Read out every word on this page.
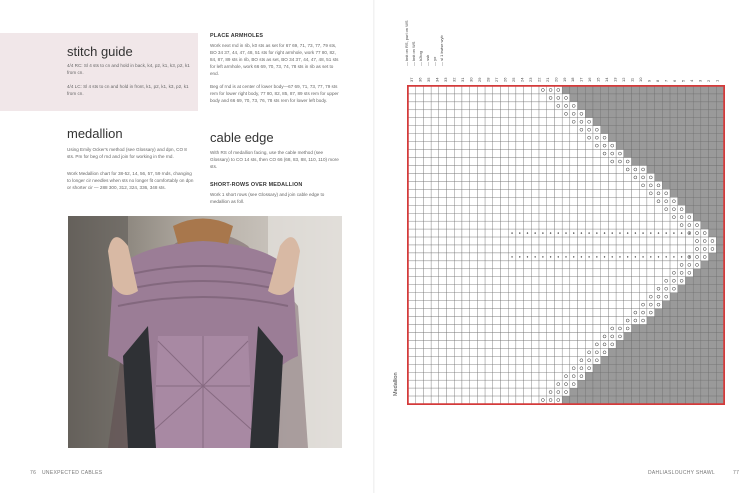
stitch guide
4/4 RC: Sl 4 sts to cn and hold in back, k4, p2, k1, k3, p2, k1 from cn.
4/4 LC: Sl 4 sts to cn and hold in front, k1, p2, k1, k3, p2, k1 from cn.
medallion
Using Emily Ocker's method (see Glossary) and dpn, CO 8 sts. Pm for beg of rnd and join for working in the rnd.
Work Medallion chart for 38-52, 14, 56, 57, 59 rnds, changing to longer cir needles when sts no longer fit comfortably on dpn or shorter cir — 288 300, 312, 324, 336, 348 sts.
PLACE ARMHOLES
Work next rnd in rib, k0 sts as set for 67 69, 71, 73, 77, 79 sts, BO 34 37, 44, 47, 48, 51 sts for right armhole, work 77 80, 82, 84, 87, 89 sts in rib, BO sts as set, BO 34 37, 44, 47, 48, 51 sts for left armhole, work 66 69, 70, 73, 74, 78 sts in rib as set to end.
Beg of rnd is at center of lower body—67 69, 71, 73, 77, 79 sts rem for lower right body, 77 80, 82, 85, 87, 89 sts rem for upper body and 66 69, 70, 73, 76, 78 sts rem for lower left body.
cable edge
With RS of medallion facing, use the cable method (see Glossary) to CO 14 sts, then CO 66 (68, 83, 88, 110, 110) more sts.
SHORT-ROWS OVER MEDALLION
Work 1 short rows (see Glossary) and join cable edge to medallion as foll.
76 UNEXPECTED CABLES
— knit on RS, purl on WS — knit on WS — k2tog — ssk — yo — sl 1 kwise wyb
37 36 35 34 33 32 31 30 29 28 27 26 25 24 23 22 21 20 19 18 17 16 15 14 13 12 11 10 9 8 7 6 5 4 3 2 1
Medallion
DAHLIA SLOUCHY SHAWL	77
